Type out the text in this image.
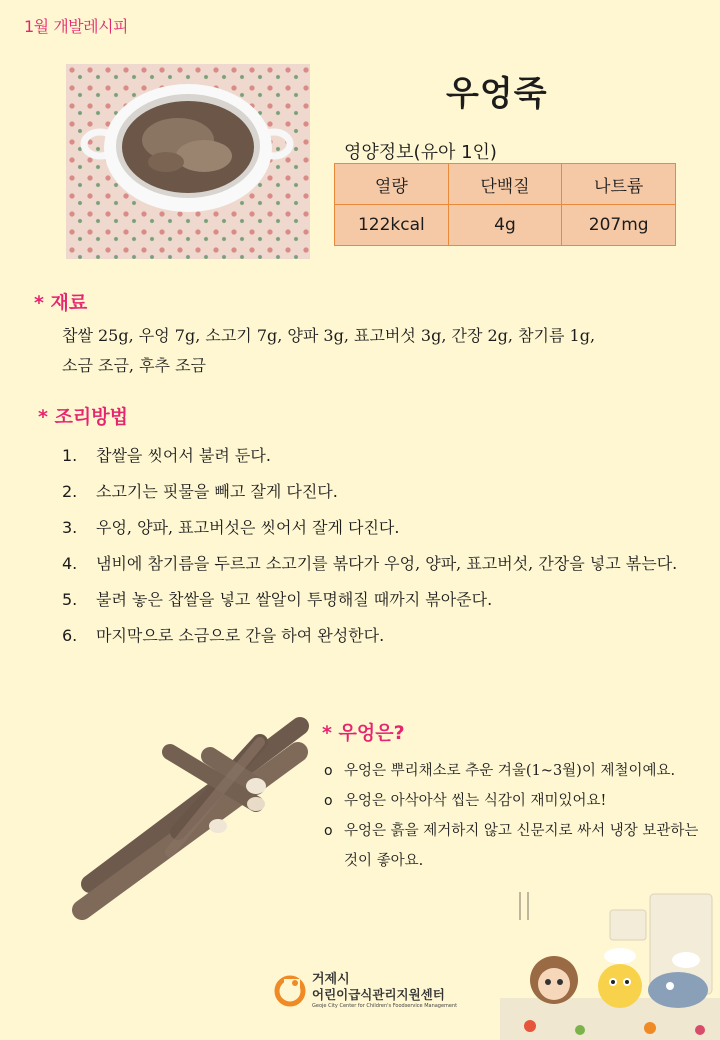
1월 개발레시피
우엉죽
영양정보(유아 1인)
열량	단백질	나트륨
122kcal	4g	207mg
* 재료
찹쌀 25g, 우엉 7g, 소고기 7g, 양파 3g, 표고버섯 3g, 간장 2g, 참기름 1g,
소금 조금, 후추 조금
* 조리방법
1.	찹쌀을 씻어서 불려 둔다.
2.	소고기는 핏물을 빼고 잘게 다진다.
3.	우엉, 양파, 표고버섯은 씻어서 잘게 다진다.
4.	냄비에 참기름을 두르고 소고기를 볶다가 우엉, 양파, 표고버섯, 간장을 넣고 볶는다.
5.	불려 놓은 찹쌀을 넣고 쌀알이 투명해질 때까지 볶아준다.
6.	마지막으로 소금으로 간을 하여 완성한다.
* 우엉은?
o 우엉은 뿌리채소로 추운 겨울(1~3월)이 제철이예요.
o 우엉은 아삭아삭 씹는 식감이 재미있어요!
o 우엉은 흙을 제거하지 않고 신문지로 싸서 냉장 보관하는 것이 좋아요.
거제시
어린이급식관리지원센터
Geoje City Center for Children's Foodservice Management
